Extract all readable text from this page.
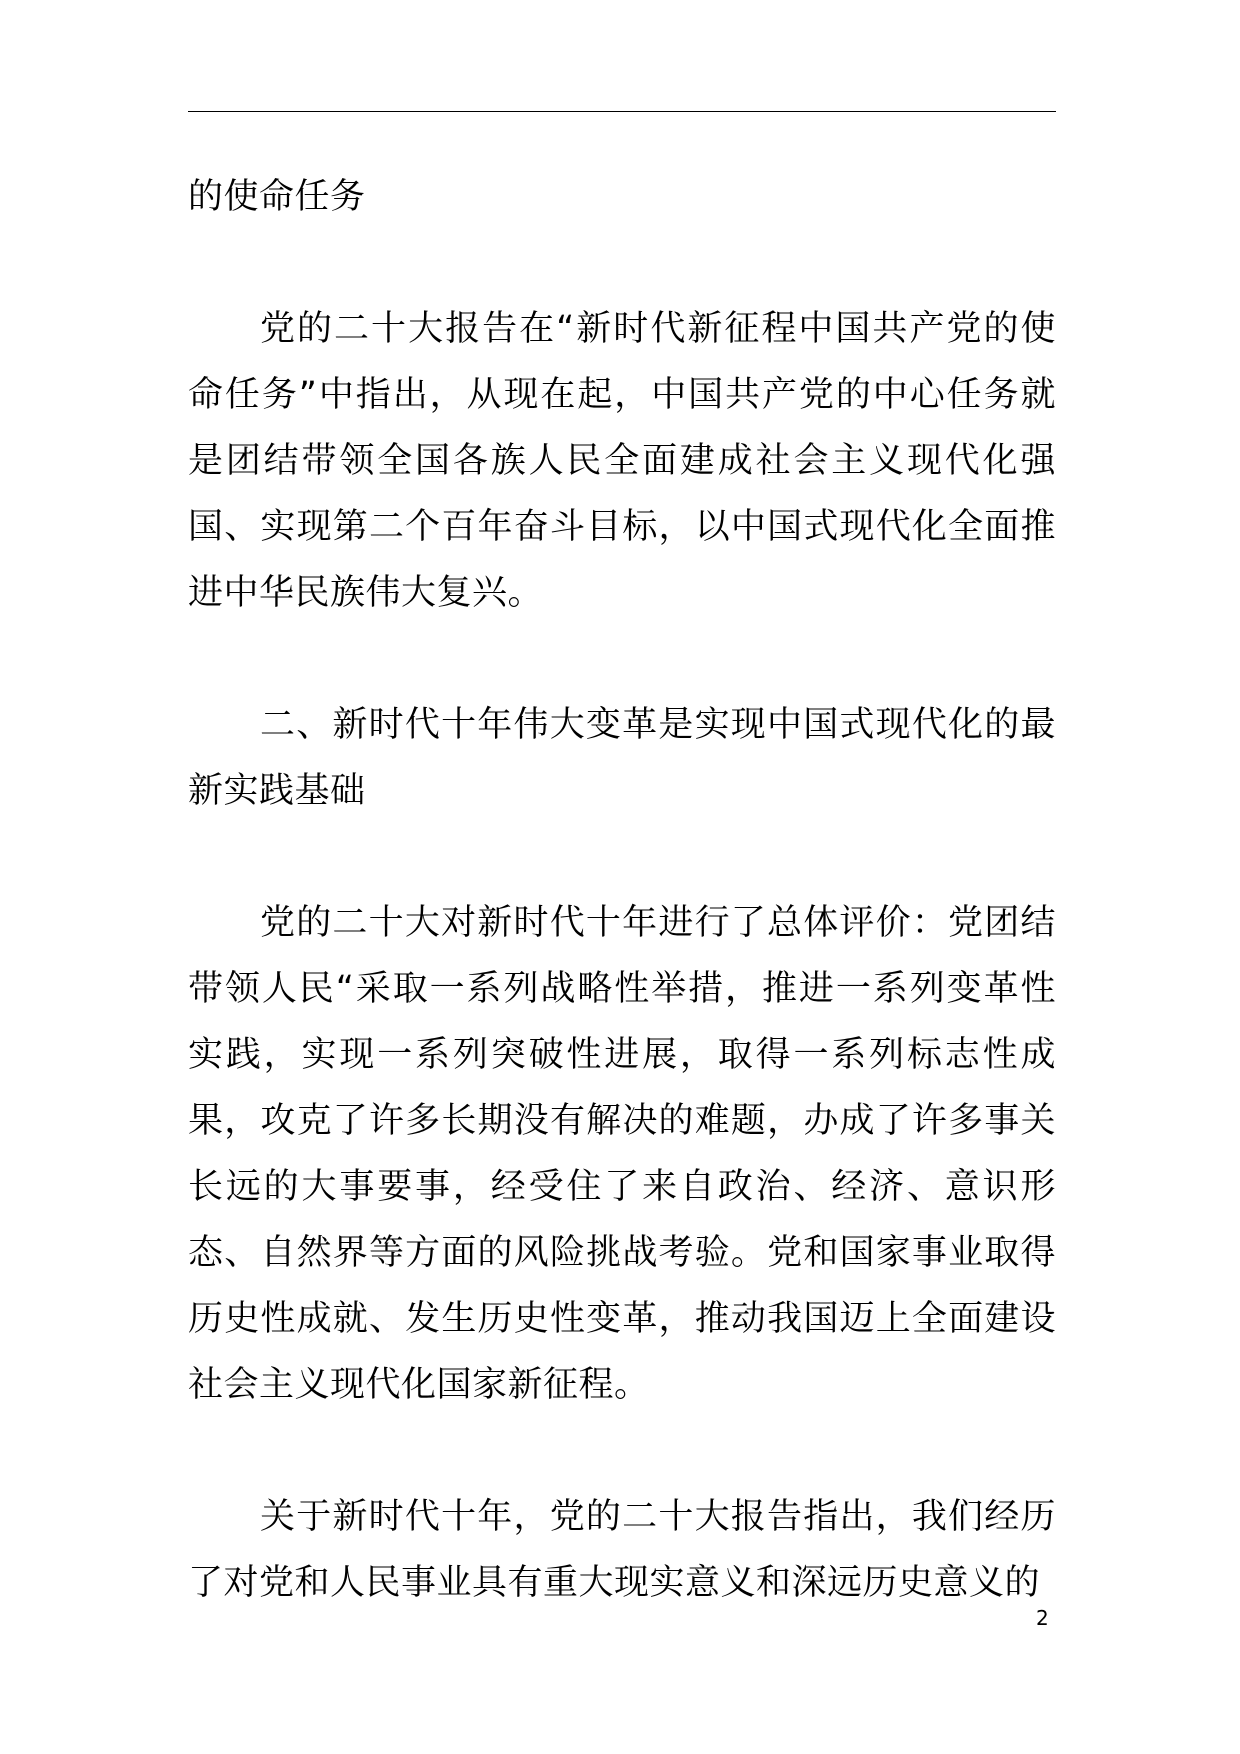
的使命任务

党的二十大报告在“新时代新征程中国共产党的使命任务”中指出，从现在起，中国共产党的中心任务就是团结带领全国各族人民全面建成社会主义现代化强国、实现第二个百年奋斗目标，以中国式现代化全面推进中华民族伟大复兴。

二、新时代十年伟大变革是实现中国式现代化的最新实践基础

党的二十大对新时代十年进行了总体评价：党团结带领人民“采取一系列战略性举措，推进一系列变革性实践，实现一系列突破性进展，取得一系列标志性成果，攻克了许多长期没有解决的难题，办成了许多事关长远的大事要事，经受住了来自政治、经济、意识形态、自然界等方面的风险挑战考验。党和国家事业取得历史性成就、发生历史性变革，推动我国迈上全面建设社会主义现代化国家新征程。

关于新时代十年，党的二十大报告指出，我们经历了对党和人民事业具有重大现实意义和深远历史意义的

2
